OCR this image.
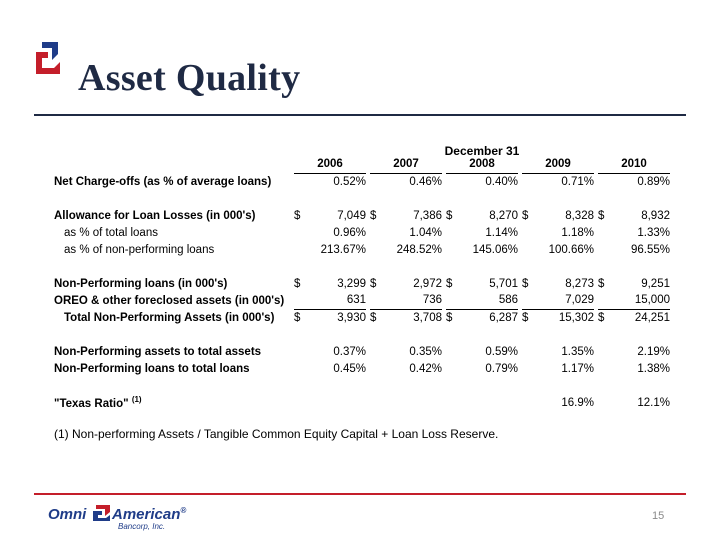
Asset Quality
December 31
		2006			2007			2008			2009			2010	
Net Charge-offs (as % of average loans)			0.52%			0.46%			0.40%			0.71%			0.89%

Allowance for Loan Losses (in 000's)		$	7,049		$	7,386		$	8,270		$	8,328		$	8,932
as % of total loans			0.96%			1.04%			1.14%			1.18%			1.33%
as % of non-performing loans			213.67%			248.52%			145.06%			100.66%			96.55%

Non-Performing loans (in 000's)		$	3,299		$	2,972		$	5,701		$	8,273		$	9,251
OREO & other foreclosed assets (in 000's)			631			736			586			7,029			15,000
Total Non-Performing Assets (in 000's)		$	3,930		$	3,708		$	6,287		$	15,302		$	24,251

Non-Performing assets to total assets			0.37%			0.35%			0.59%			1.35%			2.19%
Non-Performing loans to total loans			0.45%			0.42%			0.79%			1.17%			1.38%

"Texas Ratio" $^{(1)}$												16.9%			12.1%
(1) Non-performing Assets / Tangible Common Equity Capital + Loan Loss Reserve.
Omni American®
Bancorp, Inc.
15
